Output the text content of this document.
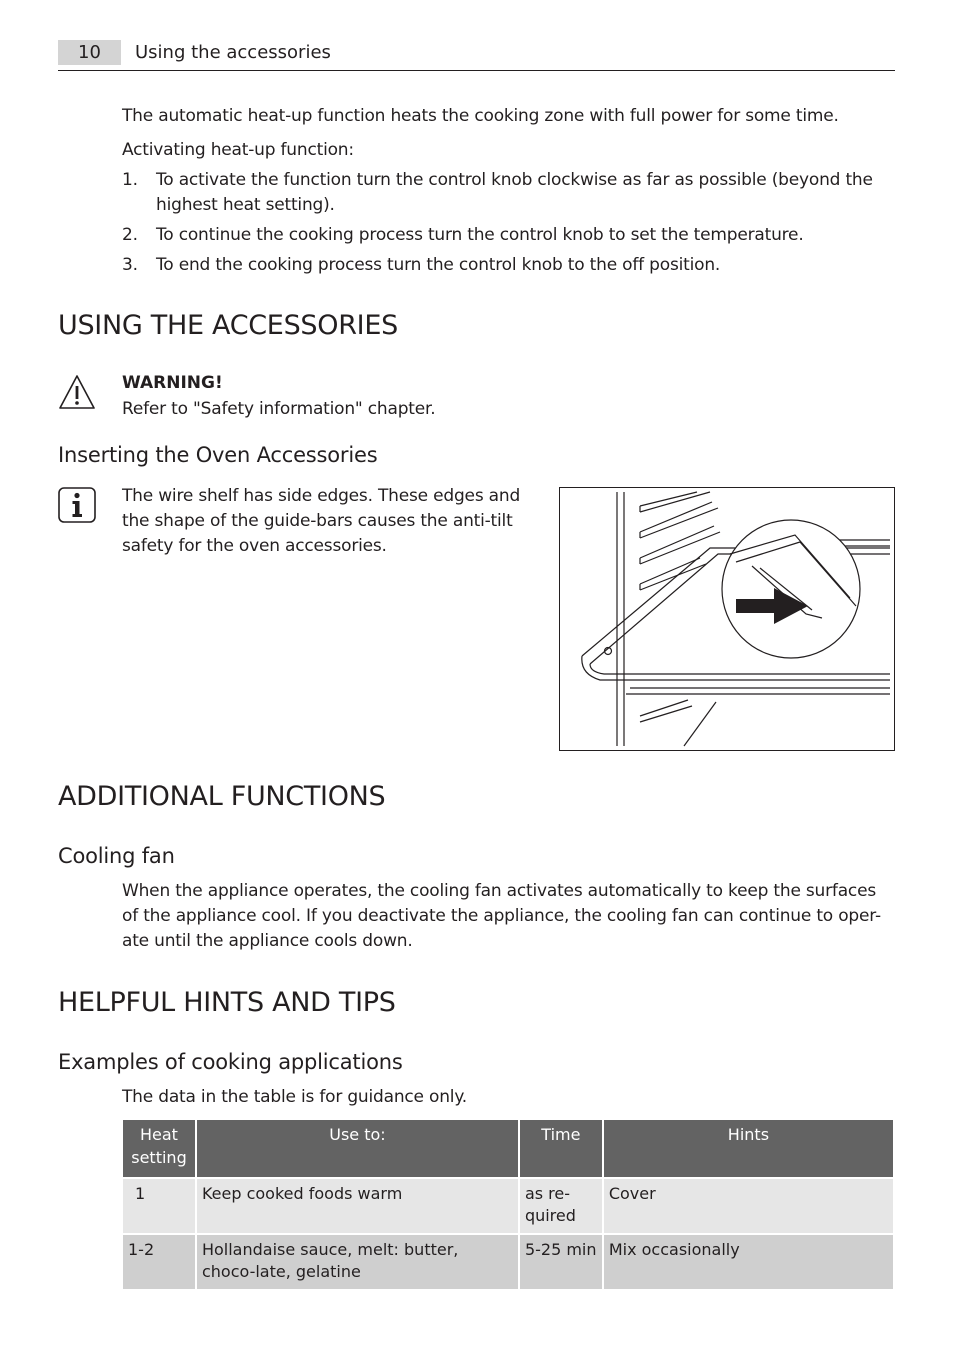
10	Using the accessories
The automatic heat-up function heats the cooking zone with full power for some time.
Activating heat-up function:
1. To activate the function turn the control knob clockwise as far as possible (beyond the highest heat setting).
2. To continue the cooking process turn the control knob to set the temperature.
3. To end the cooking process turn the control knob to the off position.
USING THE ACCESSORIES
WARNING!
Refer to "Safety information" chapter.
Inserting the Oven Accessories
The wire shelf has side edges. These edges and the shape of the guide-bars causes the anti-tilt safety for the oven accessories.
ADDITIONAL FUNCTIONS
Cooling fan
When the appliance operates, the cooling fan activates automatically to keep the surfaces of the appliance cool. If you deactivate the appliance, the cooling fan can continue to oper-ate until the appliance cools down.
HELPFUL HINTS AND TIPS
Examples of cooking applications
The data in the table is for guidance only.
Heat setting	Use to:	Time	Hints
1	Keep cooked foods warm	as re-quired	Cover
1-2	Hollandaise sauce, melt: butter, choco-late, gelatine	5-25 min	Mix occasionally
